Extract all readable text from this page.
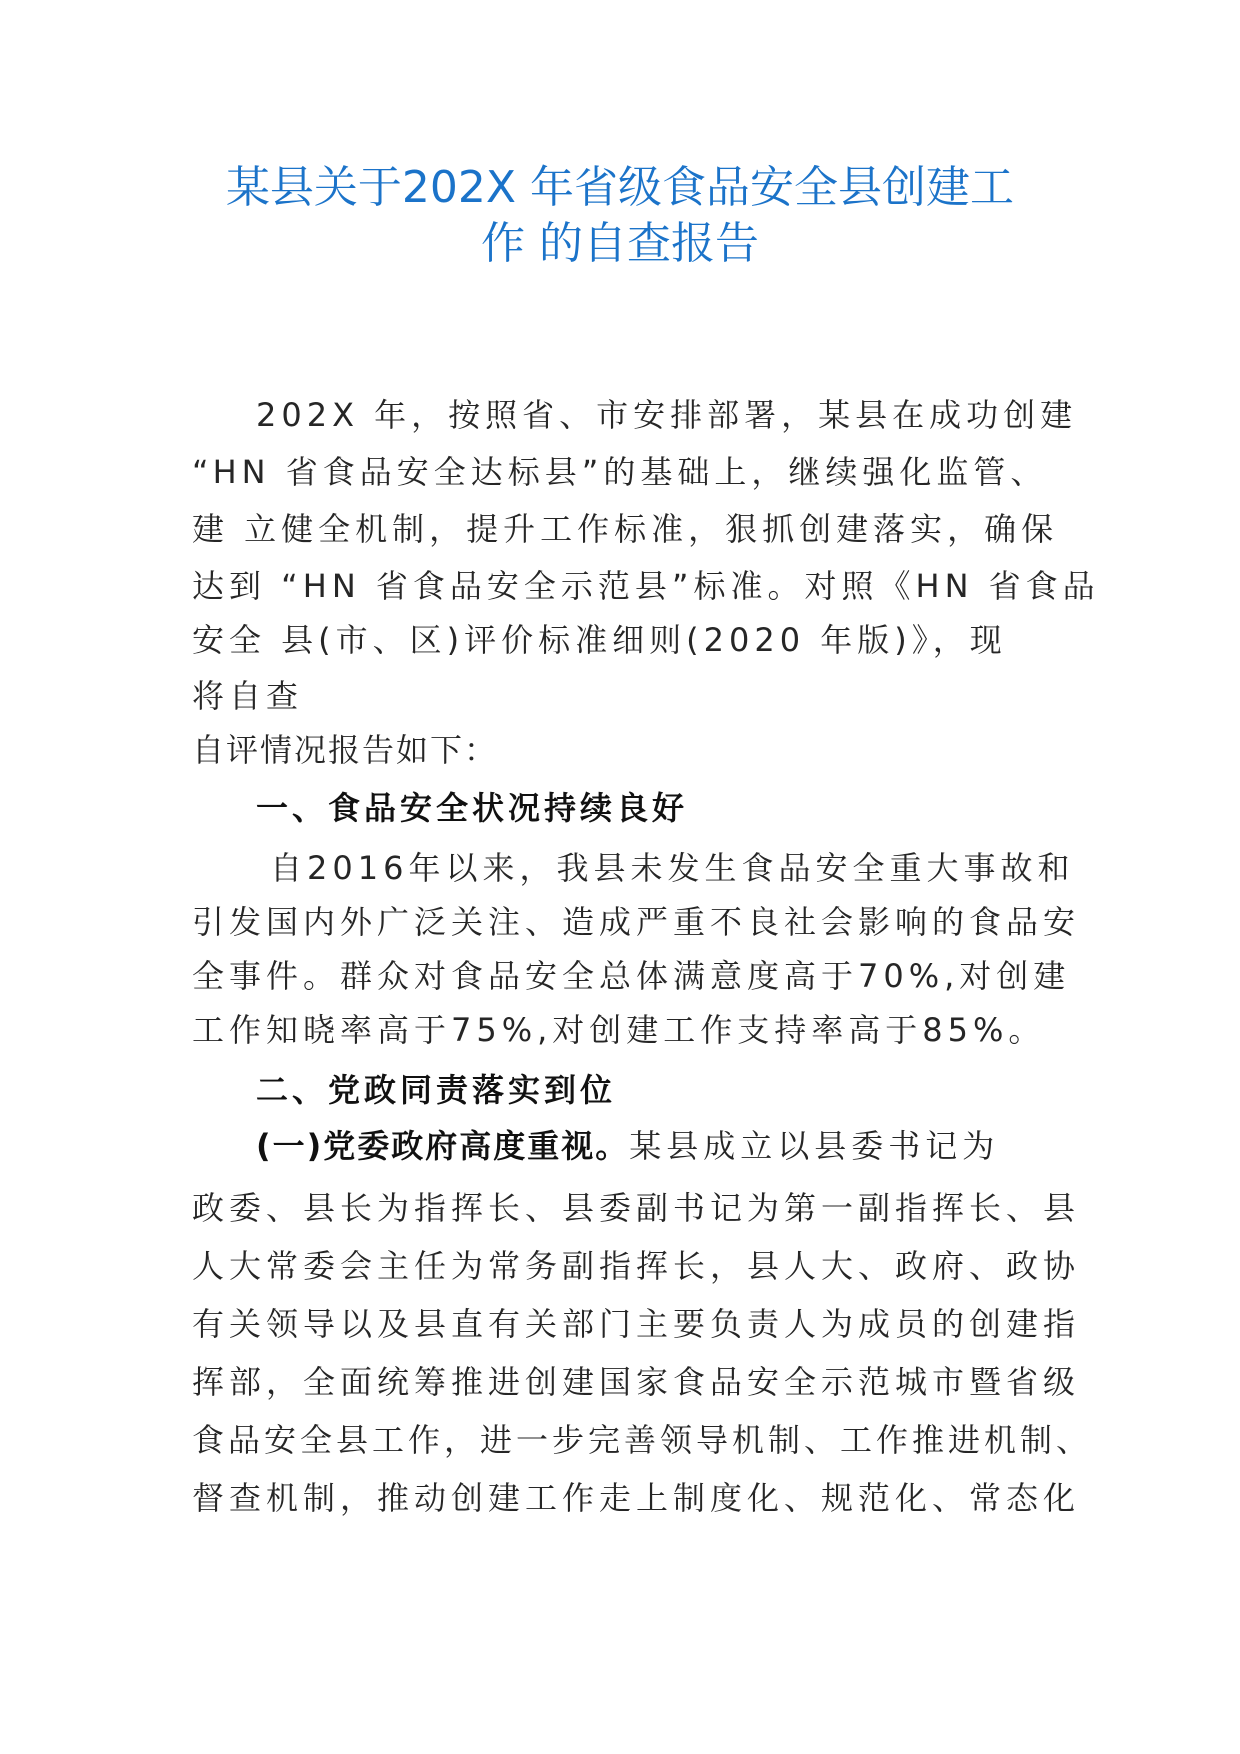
某县关于202X 年省级食品安全县创建工
作 的自查报告
202X 年，按照省、市安排部署，某县在成功创建
“HN 省食品安全达标县”的基础上，继续强化监管、
建 立健全机制，提升工作标准，狠抓创建落实，确保
达到 “HN 省食品安全示范县”标准。对照《HN 省食品
安全 县(市、区)评价标准细则(2020 年版)》，现
将自查
自评情况报告如下：
一、食品安全状况持续良好
自2016年以来，我县未发生食品安全重大事故和
引发国内外广泛关注、造成严重不良社会影响的食品安
全事件。群众对食品安全总体满意度高于70%,对创建
工作知晓率高于75%,对创建工作支持率高于85%。
二、党政同责落实到位
(一)党委政府高度重视。某县成立以县委书记为
政委、县长为指挥长、县委副书记为第一副指挥长、县
人大常委会主任为常务副指挥长，县人大、政府、政协
有关领导以及县直有关部门主要负责人为成员的创建指
挥部，全面统筹推进创建国家食品安全示范城市暨省级
食品安全县工作，进一步完善领导机制、工作推进机制、
督查机制，推动创建工作走上制度化、规范化、常态化
